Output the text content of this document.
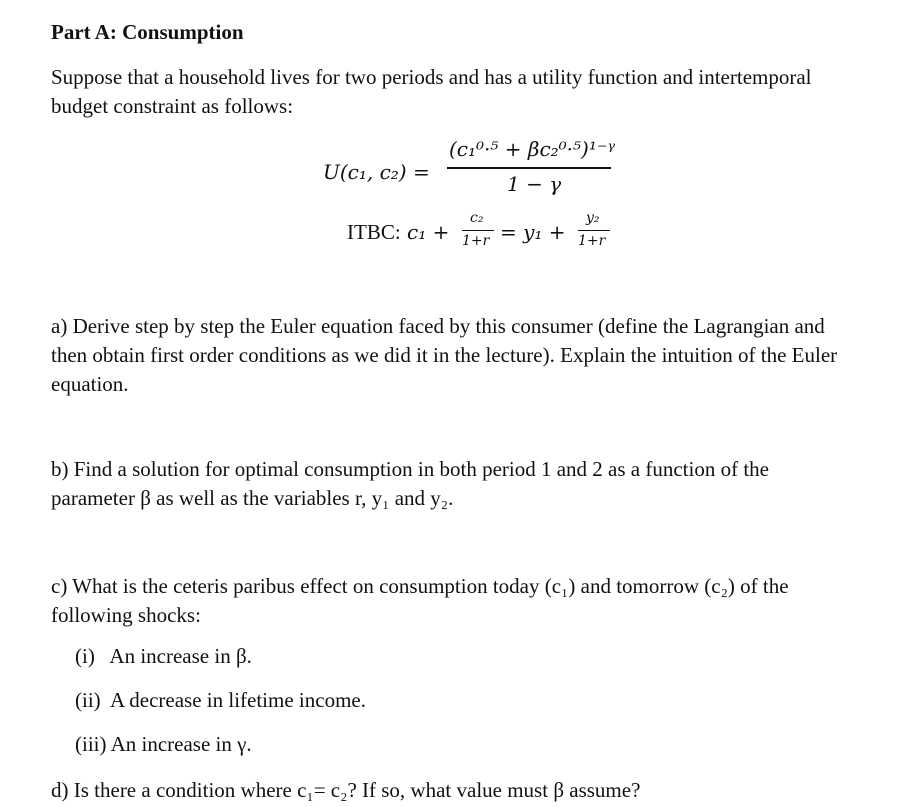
Part A: Consumption
Suppose that a household lives for two periods and has a utility function and intertemporal
budget constraint as follows:
U(c₁, c₂) =
(c₁⁰·⁵ + βc₂⁰·⁵)¹⁻ᵞ
1 − γ
ITBC: c₁ +
c₂
1+r = y₁ +
y₂
1+r
a) Derive step by step the Euler equation faced by this consumer (define the Lagrangian and
then obtain first order conditions as we did it in the lecture). Explain the intuition of the Euler
equation.
b) Find a solution for optimal consumption in both period 1 and 2 as a function of the
parameter β as well as the variables r, y₁ and y₂.
c) What is the ceteris paribus effect on consumption today (c₁) and tomorrow (c₂) of the
following shocks:
(i)   An increase in β.
(ii)  A decrease in lifetime income.
(iii) An increase in γ.
d) Is there a condition where c₁= c₂? If so, what value must β assume?
